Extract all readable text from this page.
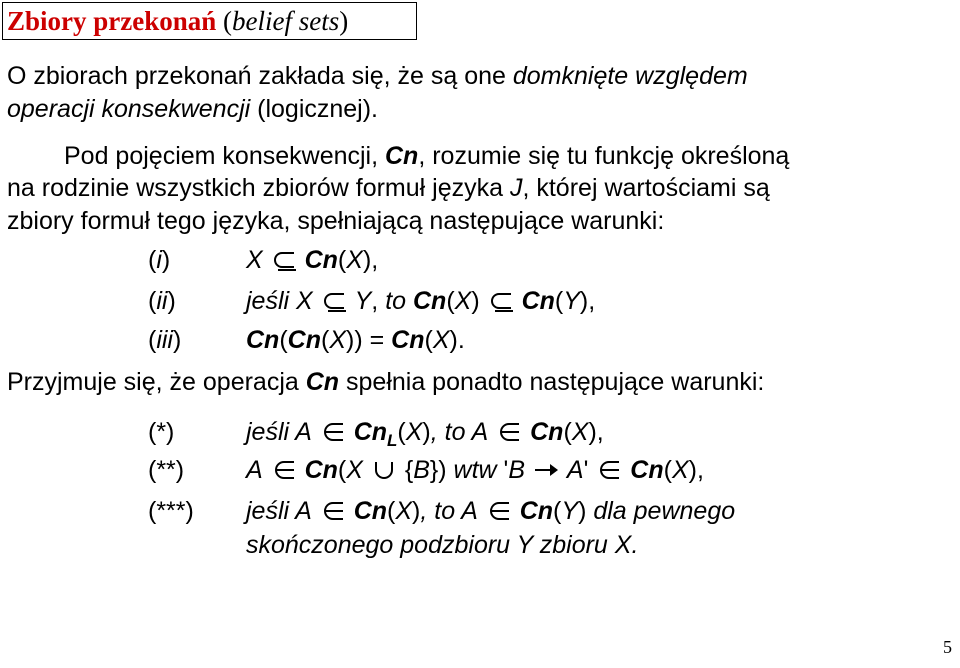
Zbiory przekonań (belief sets)
O zbiorach przekonań zakłada się, że są one domknięte względem
operacji konsekwencji (logicznej).
Pod pojęciem konsekwencji, Cn, rozumie się tu funkcję określoną
na rodzinie wszystkich zbiorów formuł języka J, której wartościami są
zbiory formuł tego języka, spełniającą następujące warunki:
(i)	X Cn(X),
(ii)	jeśli X Y, to Cn(X) Cn(Y),
(iii)	Cn(Cn(X)) = Cn(X).
Przyjmuje się, że operacja Cn spełnia ponadto następujące warunki:
(*)	jeśli A $Cn_L(X)$, to A Cn(X),
(**) A Cn(X {B}) wtw 'B A' Cn(X),
(***) jeśli A Cn(X), to A Cn(Y) dla pewnego
skończonego podzbioru Y zbioru X.
5
